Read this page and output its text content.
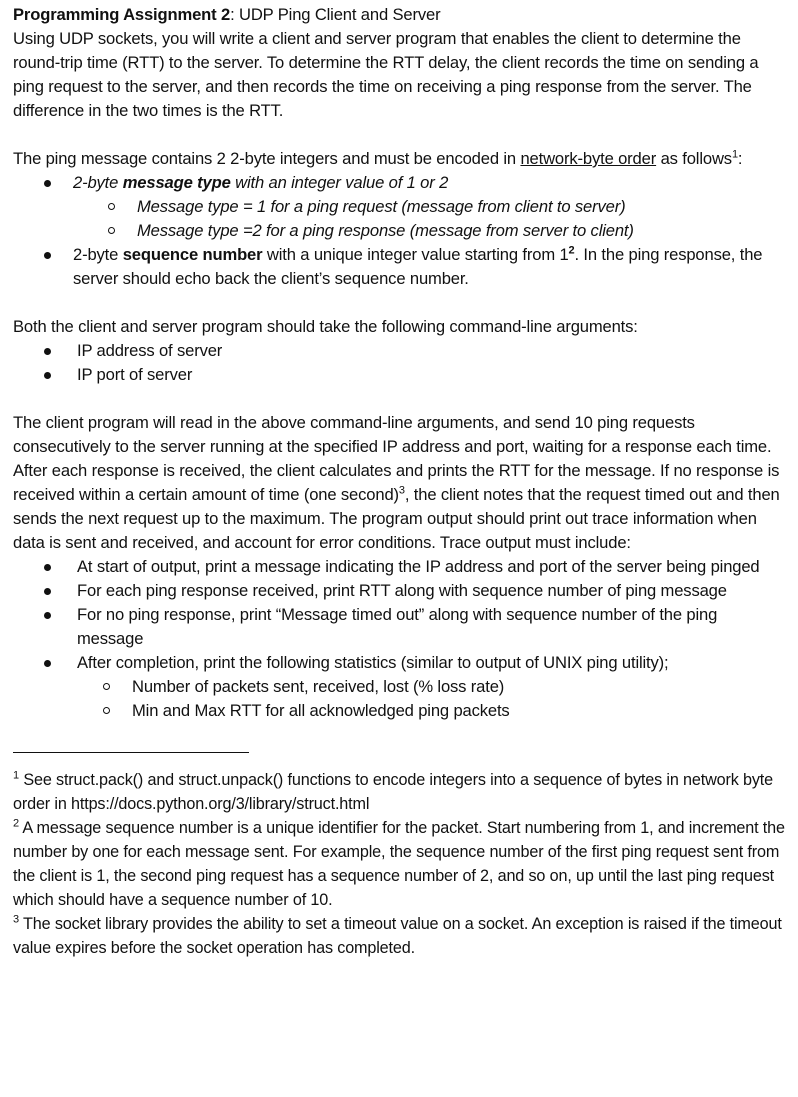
Programming Assignment 2: UDP Ping Client and Server

Using UDP sockets, you will write a client and server program that enables the client to determine the round-trip time (RTT) to the server. To determine the RTT delay, the client records the time on sending a ping request to the server, and then records the time on receiving a ping response from the server. The difference in the two times is the RTT.

The ping message contains 2 2-byte integers and must be encoded in network-byte order as follows$^1$:

2-byte message type with an integer value of 1 or 2
Message type = 1 for a ping request (message from client to server)
Message type =2 for a ping response (message from server to client)
2-byte sequence number with a unique integer value starting from $1^2$. In the ping response, the server should echo back the client’s sequence number.

Both the client and server program should take the following command-line arguments:

IP address of server
IP port of server

The client program will read in the above command-line arguments, and send 10 ping requests consecutively to the server running at the specified IP address and port, waiting for a response each time. After each response is received, the client calculates and prints the RTT for the message. If no response is received within a certain amount of time (one second)$^3$, the client notes that the request timed out and then sends the next request up to the maximum. The program output should print out trace information when data is sent and received, and account for error conditions. Trace output must include:

At start of output, print a message indicating the IP address and port of the server being pinged
For each ping response received, print RTT along with sequence number of ping message
For no ping response, print “Message timed out” along with sequence number of the ping message
After completion, print the following statistics (similar to output of UNIX ping utility);
Number of packets sent, received, lost (% loss rate)
Min and Max RTT for all acknowledged ping packets

$^1$ See struct.pack() and struct.unpack() functions to encode integers into a sequence of bytes in network byte order in https://docs.python.org/3/library/struct.html

$^2$ A message sequence number is a unique identifier for the packet. Start numbering from 1, and increment the number by one for each message sent. For example, the sequence number of the first ping request sent from the client is 1, the second ping request has a sequence number of 2, and so on, up until the last ping request which should have a sequence number of 10.

$^3$ The socket library provides the ability to set a timeout value on a socket. An exception is raised if the timeout value expires before the socket operation has completed.
